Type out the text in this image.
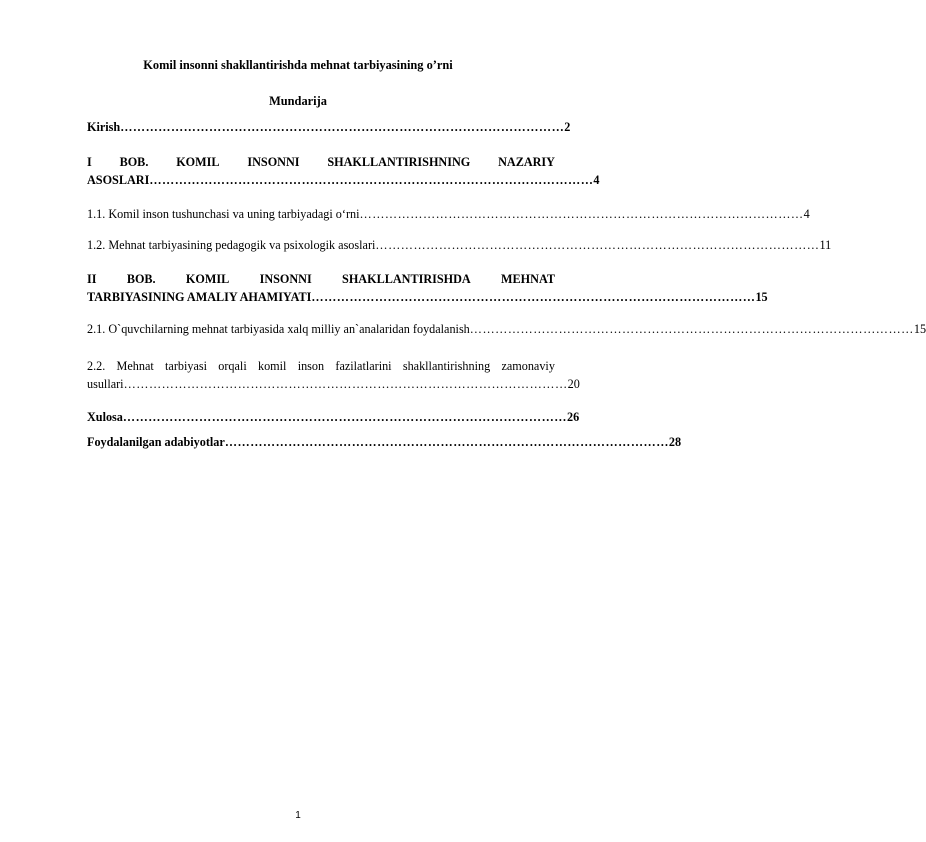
Komil insonni shakllantirishda mehnat tarbiyasining o’rni
Mundarija
Kirish …………………………………………………………………………………………… 2
I BOB. KOMIL INSONNI SHAKLLANTIRISHNING NAZARIY
ASOSLARI …………………………………………………………………………………………… 4
1.1. Komil inson tushunchasi va uning tarbiyadagi o‘rni …………………………………………………………………………………………… 4
1.2. Mehnat tarbiyasining pedagogik va psixologik asoslari …………………………………………………………………………………………… 11
II BOB. KOMIL INSONNI SHAKLLANTIRISHDA MEHNAT
TARBIYASINING AMALIY AHAMIYATI …………………………………………………………………………………………… 15
2.1. O`quvchilarning mehnat tarbiyasida xalq milliy an`analaridan foydalanish …………………………………………………………………………………………… 15
2.2. Mehnat tarbiyasi orqali komil inson fazilatlarini shakllantirishning zamonaviy
usullari …………………………………………………………………………………………… 20
Xulosa …………………………………………………………………………………………… 26
Foydalanilgan adabiyotlar …………………………………………………………………………………………… 28
1
